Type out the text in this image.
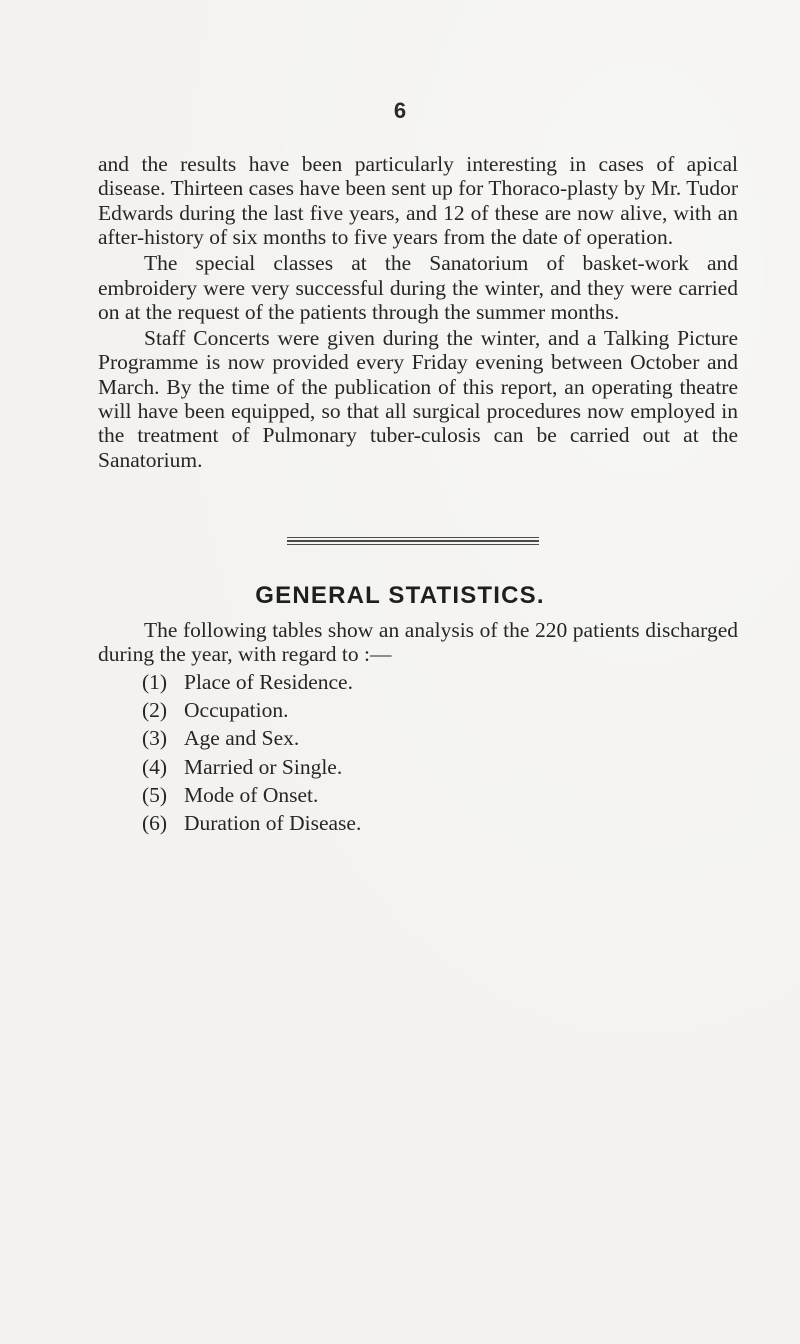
6

and the results have been particularly interesting in cases of apical disease. Thirteen cases have been sent up for Thoraco-plasty by Mr. Tudor Edwards during the last five years, and 12 of these are now alive, with an after-history of six months to five years from the date of operation.

The special classes at the Sanatorium of basket-work and embroidery were very successful during the winter, and they were carried on at the request of the patients through the summer months.

Staff Concerts were given during the winter, and a Talking Picture Programme is now provided every Friday evening between October and March. By the time of the publication of this report, an operating theatre will have been equipped, so that all surgical procedures now employed in the treatment of Pulmonary tuber-culosis can be carried out at the Sanatorium.

GENERAL STATISTICS.

The following tables show an analysis of the 220 patients discharged during the year, with regard to :—

(1) Place of Residence.
(2) Occupation.
(3) Age and Sex.
(4) Married or Single.
(5) Mode of Onset.
(6) Duration of Disease.
